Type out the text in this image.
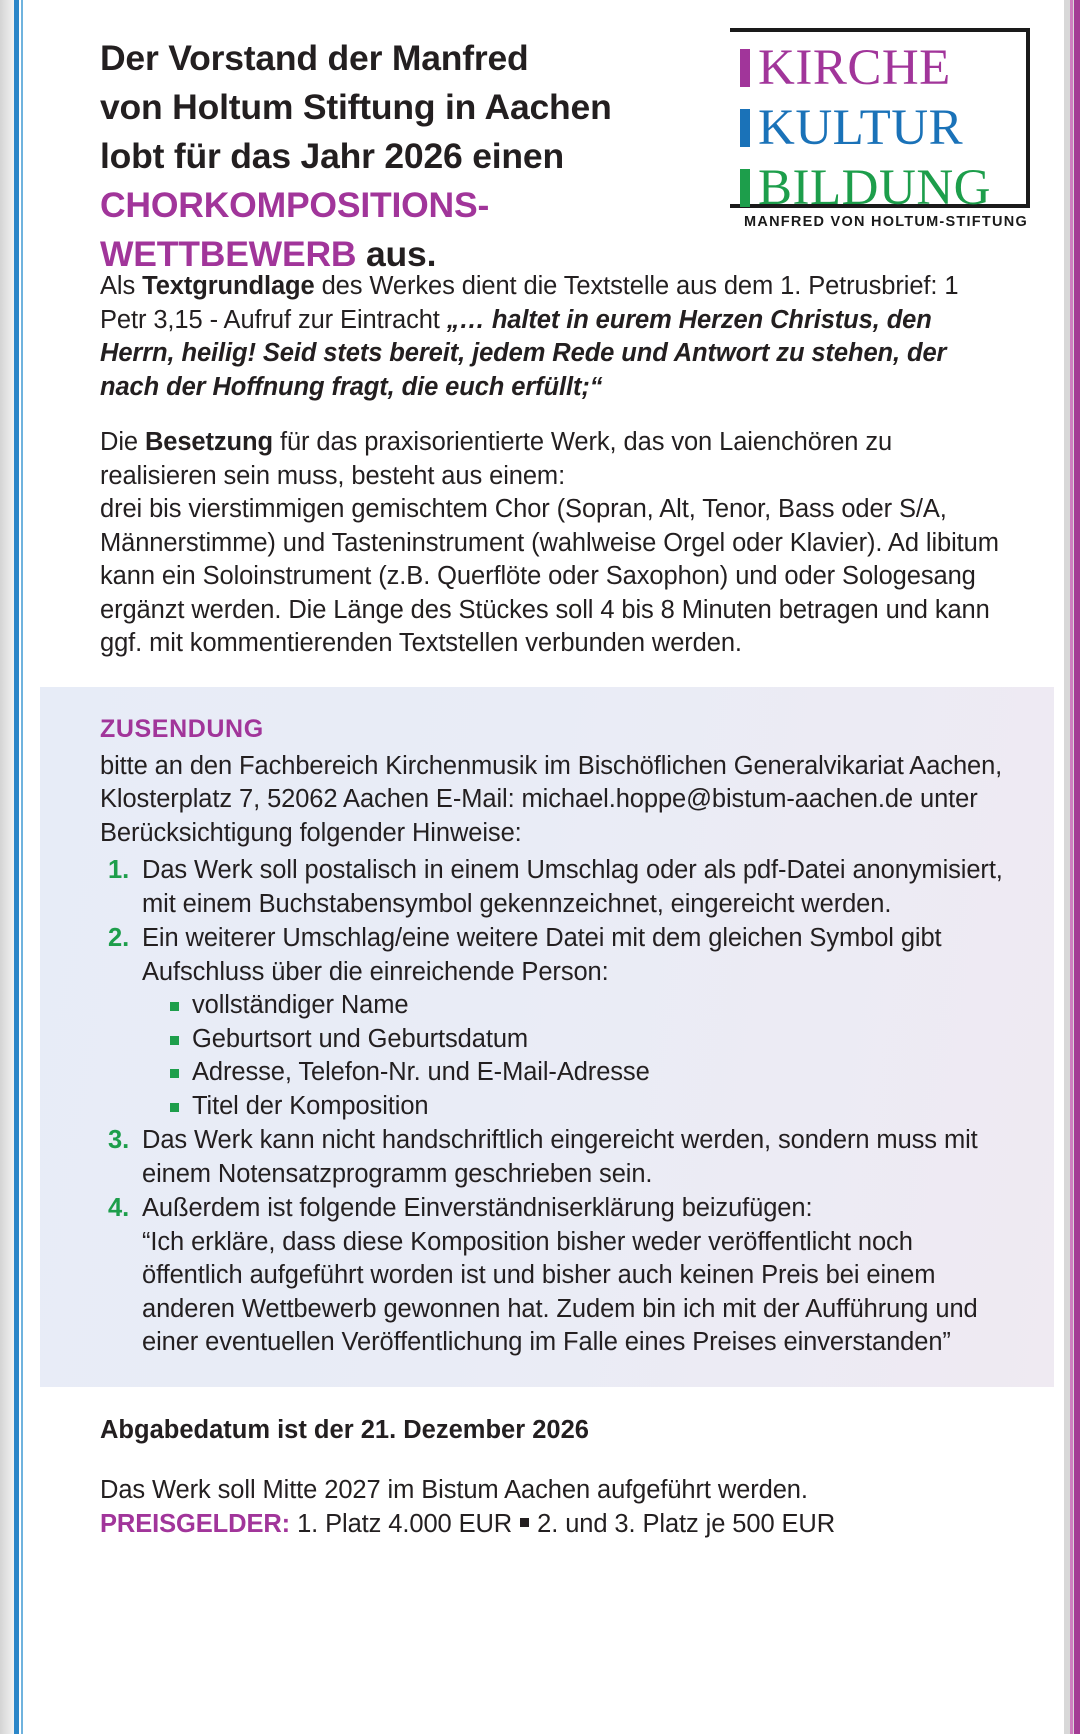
Der Vorstand der Manfred
von Holtum Stiftung in Aachen
lobt für das Jahr 2026 einen
CHORKOMPOSITIONS-WETTBEWERB aus.
KIRCHE
KULTUR
BILDUNG
MANFRED VON HOLTUM-STIFTUNG

Als Textgrundlage des Werkes dient die Textstelle aus dem 1. Petrusbrief: 1 Petr 3,15 - Aufruf zur Eintracht „… haltet in eurem Herzen Christus, den Herrn, heilig! Seid stets bereit, jedem Rede und Antwort zu stehen, der nach der Hoffnung fragt, die euch erfüllt;“

Die Besetzung für das praxisorientierte Werk, das von Laienchören zu realisieren sein muss, besteht aus einem:

drei bis vierstimmigen gemischtem Chor (Sopran, Alt, Tenor, Bass oder S/A, Männerstimme) und Tasteninstrument (wahlweise Orgel oder Klavier). Ad libitum kann ein Soloinstrument (z.B. Querflöte oder Saxophon) und oder Sologesang ergänzt werden. Die Länge des Stückes soll 4 bis 8 Minuten betragen und kann ggf. mit kommentierenden Textstellen verbunden werden.

ZUSENDUNG

bitte an den Fachbereich Kirchenmusik im Bischöflichen Generalvikariat Aachen, Klosterplatz 7, 52062 Aachen E-Mail: michael.hoppe@bistum-aachen.de unter Berücksichtigung folgender Hinweise:

1. Das Werk soll postalisch in einem Umschlag oder als pdf-Datei anonymisiert, mit einem Buchstabensymbol gekennzeichnet, eingereicht werden.
2. Ein weiterer Umschlag/eine weitere Datei mit dem gleichen Symbol gibt Aufschluss über die einreichende Person:
vollständiger Name
Geburtsort und Geburtsdatum
Adresse, Telefon-Nr. und E-Mail-Adresse
Titel der Komposition
3. Das Werk kann nicht handschriftlich eingereicht werden, sondern muss mit einem Notensatzprogramm geschrieben sein.
4. Außerdem ist folgende Einverständniserklärung beizufügen:
“Ich erkläre, dass diese Komposition bisher weder veröffentlicht noch öffentlich aufgeführt worden ist und bisher auch keinen Preis bei einem anderen Wettbewerb gewonnen hat. Zudem bin ich mit der Aufführung und einer eventuellen Veröffentlichung im Falle eines Preises einverstanden”

Abgabedatum ist der 21. Dezember 2026

Das Werk soll Mitte 2027 im Bistum Aachen aufgeführt werden.

PREISGELDER: 1. Platz 4.000 EUR 2. und 3. Platz je 500 EUR
